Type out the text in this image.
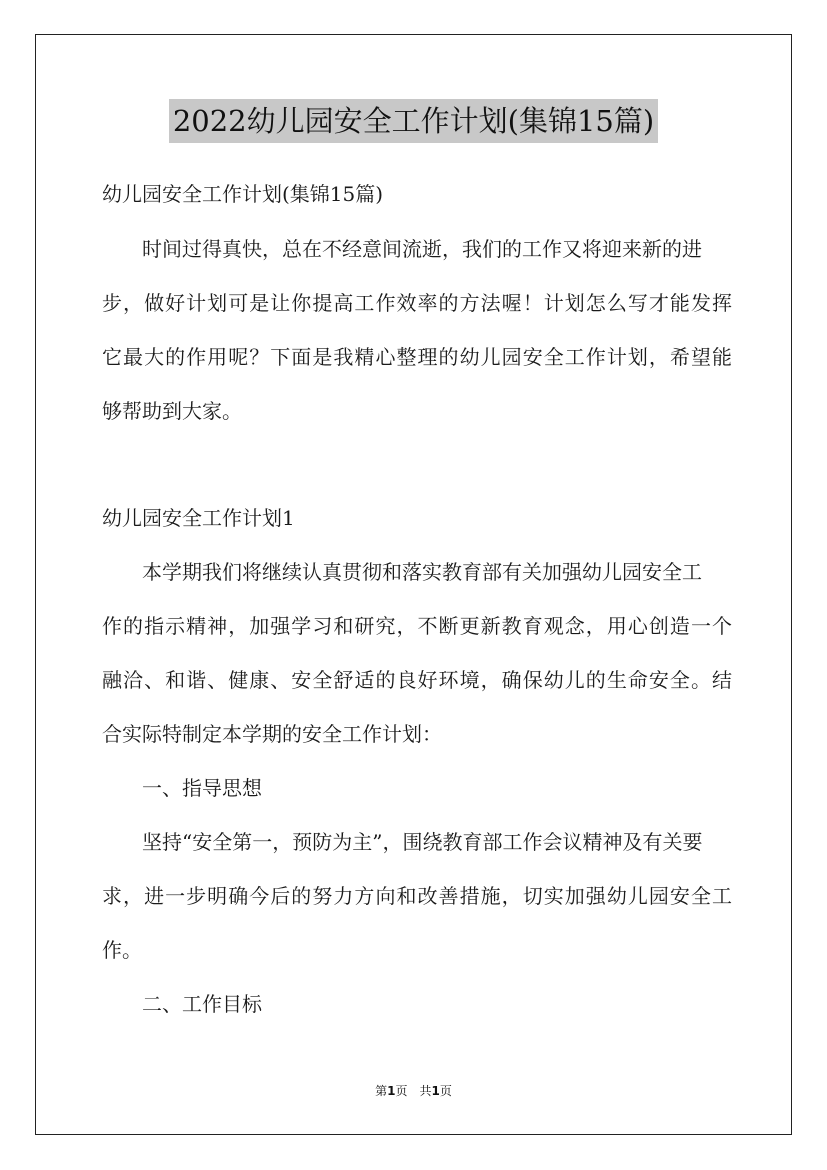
2022幼儿园安全工作计划(集锦15篇)
幼儿园安全工作计划(集锦15篇)
时间过得真快，总在不经意间流逝，我们的工作又将迎来新的进
步，做好计划可是让你提高工作效率的方法喔！计划怎么写才能发挥
它最大的作用呢？下面是我精心整理的幼儿园安全工作计划，希望能
够帮助到大家。
幼儿园安全工作计划1
本学期我们将继续认真贯彻和落实教育部有关加强幼儿园安全工
作的指示精神，加强学习和研究，不断更新教育观念，用心创造一个
融洽、和谐、健康、安全舒适的良好环境，确保幼儿的生命安全。结
合实际特制定本学期的安全工作计划：
一、指导思想
坚持“安全第一，预防为主”，围绕教育部工作会议精神及有关要
求，进一步明确今后的努力方向和改善措施，切实加强幼儿园安全工
作。
二、工作目标
第1页　共1页
